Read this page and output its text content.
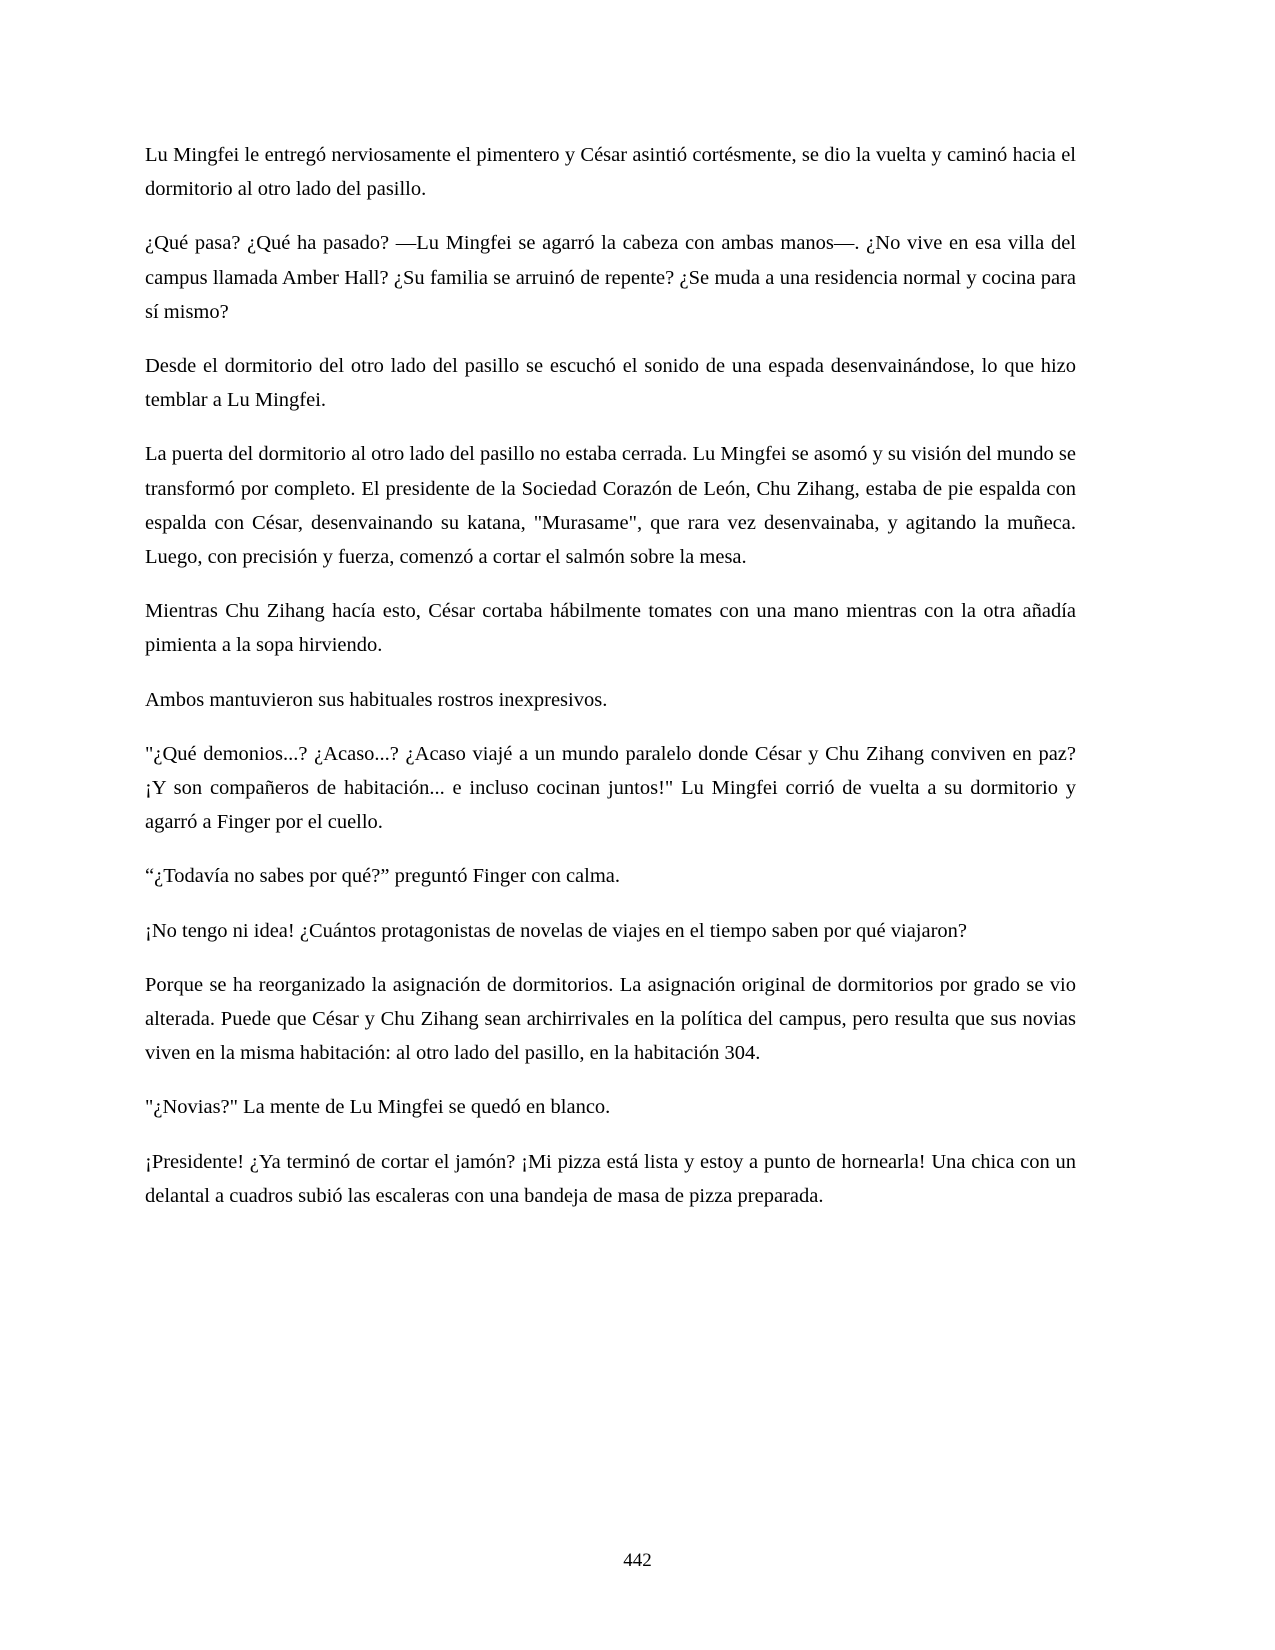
Lu Mingfei le entregó nerviosamente el pimentero y César asintió cortésmente, se dio la vuelta y caminó hacia el dormitorio al otro lado del pasillo.

¿Qué pasa? ¿Qué ha pasado? —Lu Mingfei se agarró la cabeza con ambas manos—. ¿No vive en esa villa del campus llamada Amber Hall? ¿Su familia se arruinó de repente? ¿Se muda a una residencia normal y cocina para sí mismo?

Desde el dormitorio del otro lado del pasillo se escuchó el sonido de una espada desenvainándose, lo que hizo temblar a Lu Mingfei.

La puerta del dormitorio al otro lado del pasillo no estaba cerrada. Lu Mingfei se asomó y su visión del mundo se transformó por completo. El presidente de la Sociedad Corazón de León, Chu Zihang, estaba de pie espalda con espalda con César, desenvainando su katana, "Murasame", que rara vez desenvainaba, y agitando la muñeca. Luego, con precisión y fuerza, comenzó a cortar el salmón sobre la mesa.

Mientras Chu Zihang hacía esto, César cortaba hábilmente tomates con una mano mientras con la otra añadía pimienta a la sopa hirviendo.

Ambos mantuvieron sus habituales rostros inexpresivos.

"¿Qué demonios...? ¿Acaso...? ¿Acaso viajé a un mundo paralelo donde César y Chu Zihang conviven en paz? ¡Y son compañeros de habitación... e incluso cocinan juntos!" Lu Mingfei corrió de vuelta a su dormitorio y agarró a Finger por el cuello.

“¿Todavía no sabes por qué?” preguntó Finger con calma.

¡No tengo ni idea! ¿Cuántos protagonistas de novelas de viajes en el tiempo saben por qué viajaron?

Porque se ha reorganizado la asignación de dormitorios. La asignación original de dormitorios por grado se vio alterada. Puede que César y Chu Zihang sean archirrivales en la política del campus, pero resulta que sus novias viven en la misma habitación: al otro lado del pasillo, en la habitación 304.

"¿Novias?" La mente de Lu Mingfei se quedó en blanco.

¡Presidente! ¿Ya terminó de cortar el jamón? ¡Mi pizza está lista y estoy a punto de hornearla! Una chica con un delantal a cuadros subió las escaleras con una bandeja de masa de pizza preparada.

442
